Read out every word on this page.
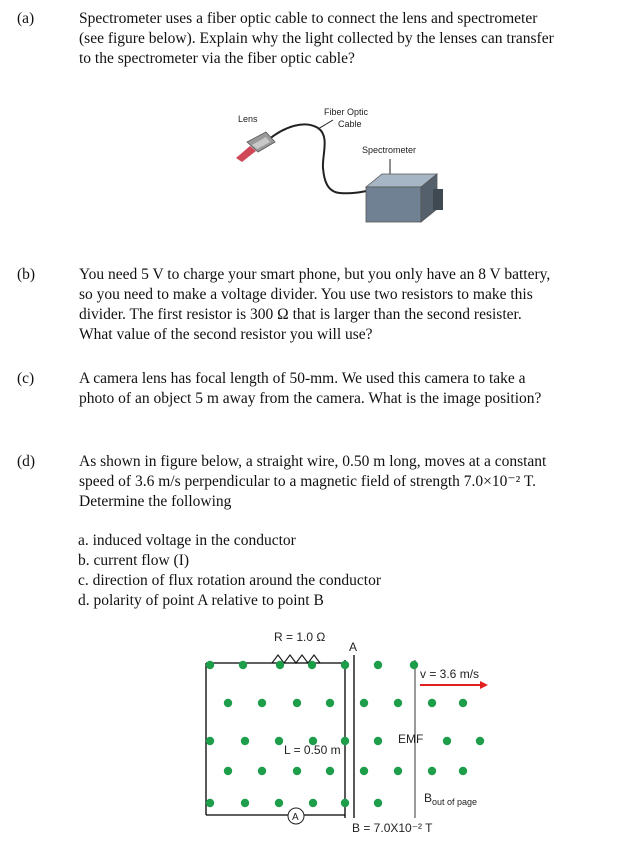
(a)	Spectrometer uses a fiber optic cable to connect the lens and spectrometer
(see figure below). Explain why the light collected by the lenses can transfer
to the spectrometer via the fiber optic cable?
Lens
Fiber Optic
Cable
Spectrometer
(b)	You need 5 V to charge your smart phone, but you only have an 8 V battery,
so you need to make a voltage divider. You use two resistors to make this
divider. The first resistor is 300 Ω that is larger than the second resister.
What value of the second resistor you will use?
(c)	A camera lens has focal length of 50-mm. We used this camera to take a
photo of an object 5 m away from the camera. What is the image position?
(d)	As shown in figure below, a straight wire, 0.50 m long, moves at a constant
speed of 3.6 m/s perpendicular to a magnetic field of strength 7.0×10⁻² T.
Determine the following
a. induced voltage in the conductor
b. current flow (I)
c. direction of flux rotation around the conductor
d. polarity of point A relative to point B
R = 1.0 Ω
A
v = 3.6 m/s
EMF
L = 0.50 m
A
$B_{out of page}$
B = 7.0X10⁻² T
